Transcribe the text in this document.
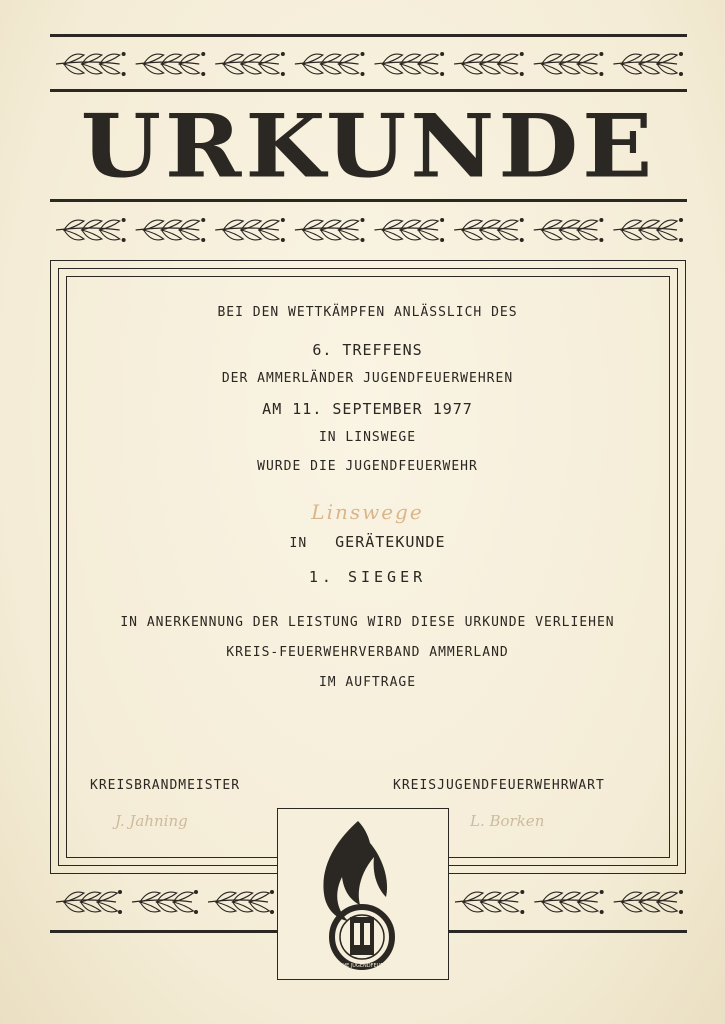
URKUNDE
BEI DEN WETTKÄMPFEN ANLÄSSLICH DES
6. TREFFENS
DER AMMERLÄNDER JUGENDFEUERWEHREN
AM 11. SEPTEMBER 1977
IN LINSWEGE
WURDE DIE JUGENDFEUERWEHR
Linswege
IN GERÄTEKUNDE
1. SIEGER
IN ANERKENNUNG DER LEISTUNG WIRD DIESE URKUNDE VERLIEHEN
KREIS-FEUERWEHRVERBAND AMMERLAND
IM AUFTRAGE
KREISBRANDMEISTER	KREISJUGENDFEUERWEHRWART
J. Jahning	L. Borken
DEUTSCHE JUGENDFEUERWEHR
